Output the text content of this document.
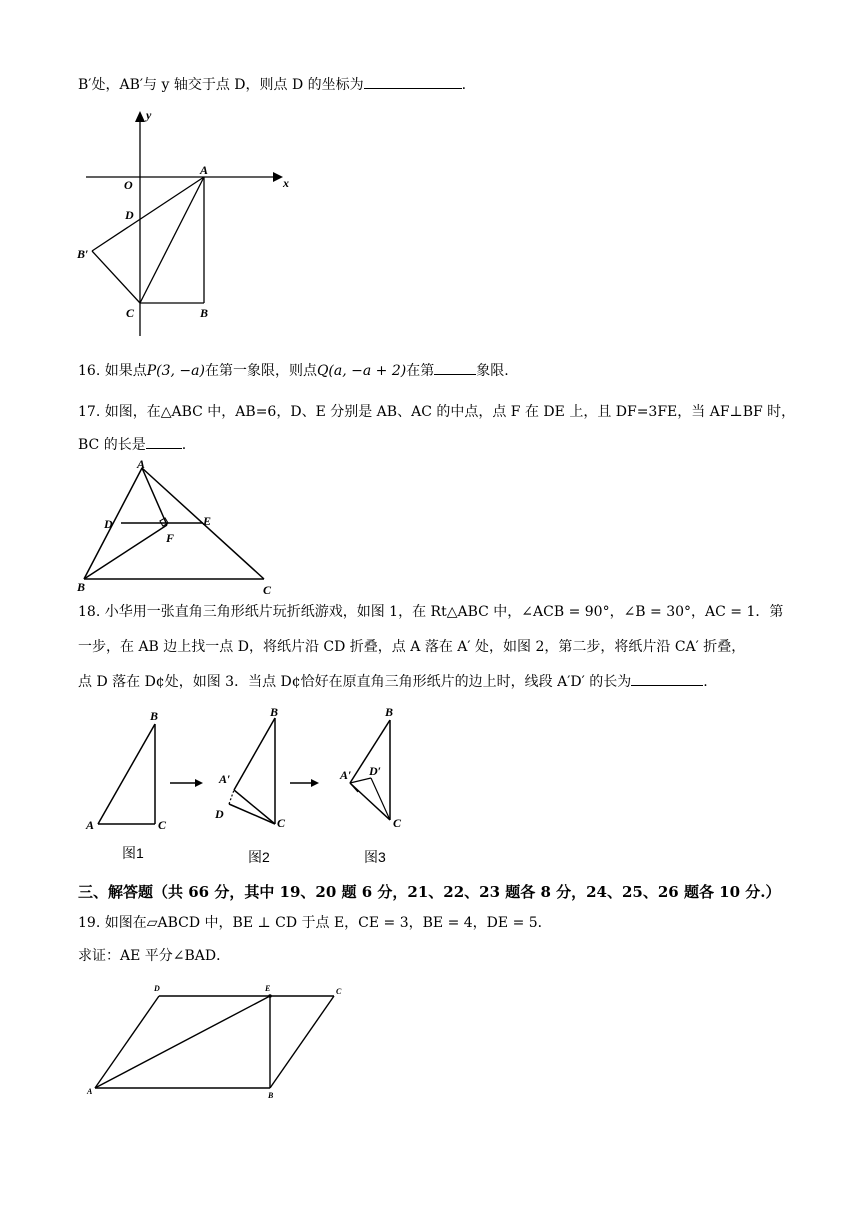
B′处，AB′与 y 轴交于点 D，则点 D 的坐标为	.
y
x
O
A
D
B′
C	B
16. 如果点P(3, −a)在第一象限，则点Q(a, −a + 2)在第	象限.
17. 如图，在△ABC 中，AB=6，D、E 分别是 AB、AC 的中点，点 F 在 DE 上，且 DF=3FE，当 AF⊥BF 时，
BC 的长是	.
A
D	E
F
B	C
18. 小华用一张直角三角形纸片玩折纸游戏，如图 1，在 Rt△ABC 中，∠ACB = 90°，∠B = 30°，AC = 1．第
一步，在 AB 边上找一点 D，将纸片沿 CD 折叠，点 A 落在 A′ 处，如图 2，第二步，将纸片沿 CA′ 折叠，
点 D 落在 D¢处，如图 3．当点 D¢恰好在原直角三角形纸片的边上时，线段 A′D′ 的长为	.
B
A	C
B
A′
D
C
B
A′ D′
C
图1	图2	图3
三、解答题（共 66 分，其中 19、20 题 6 分，21、22、23 题各 8 分，24、25、26 题各 10 分.）
19. 如图在▱ABCD 中，BE ⊥ CD 于点 E，CE = 3，BE = 4，DE = 5．
求证：AE 平分∠BAD．
D	E	C
A	B
